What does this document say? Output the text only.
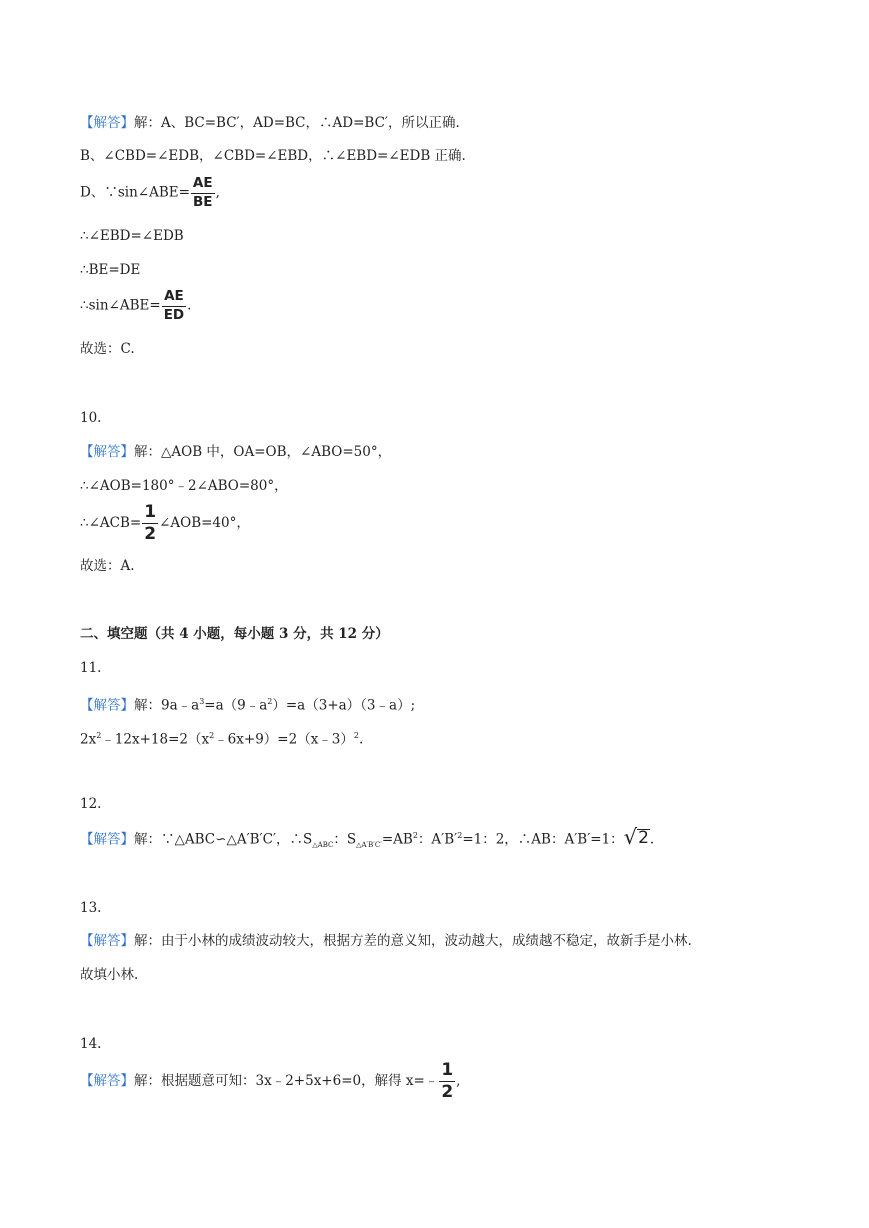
【解答】解：A、BC=BC′，AD=BC，∴AD=BC′，所以正确.
B、∠CBD=∠EDB，∠CBD=∠EBD，∴∠EBD=∠EDB 正确.
D、∵sin∠ABE= $\frac{AE}{BE}$ ,
∴∠EBD=∠EDB
∴BE=DE
∴sin∠ABE= $\frac{AE}{ED}$ .
故选：C.
10.
【解答】解：△AOB 中，OA=OB，∠ABO=50°，
∴∠AOB=180°﹣2∠ABO=80°，
∴∠ACB= $\frac{1}{2}$ ∠AOB=40°，
故选：A.
二、填空题（共 4 小题，每小题 3 分，共 12 分）
11.
【解答】解：$9a﹣a^3=a(9﹣a^2)=a(3+a)(3﹣a)$;
$2x^2﹣12x+18=2(x^2﹣6x+9)=2(x﹣3)^2$.
12.
【解答】解：∵△ABC∽△A′B′C′，$\therefore S_{\triangle ABC}$：$S_{\triangle A'B'C'}=AB^2$：$A'B'^2=1$：2，∴AB：A′B′=1： √ 2 .
13.
【解答】解：由于小林的成绩波动较大，根据方差的意义知，波动越大，成绩越不稳定，故新手是小林.
故填小林.
14.
【解答】解：根据题意可知：3x﹣2+5x+6=0，解得 x=﹣ $\frac{1}{2}$ ,
